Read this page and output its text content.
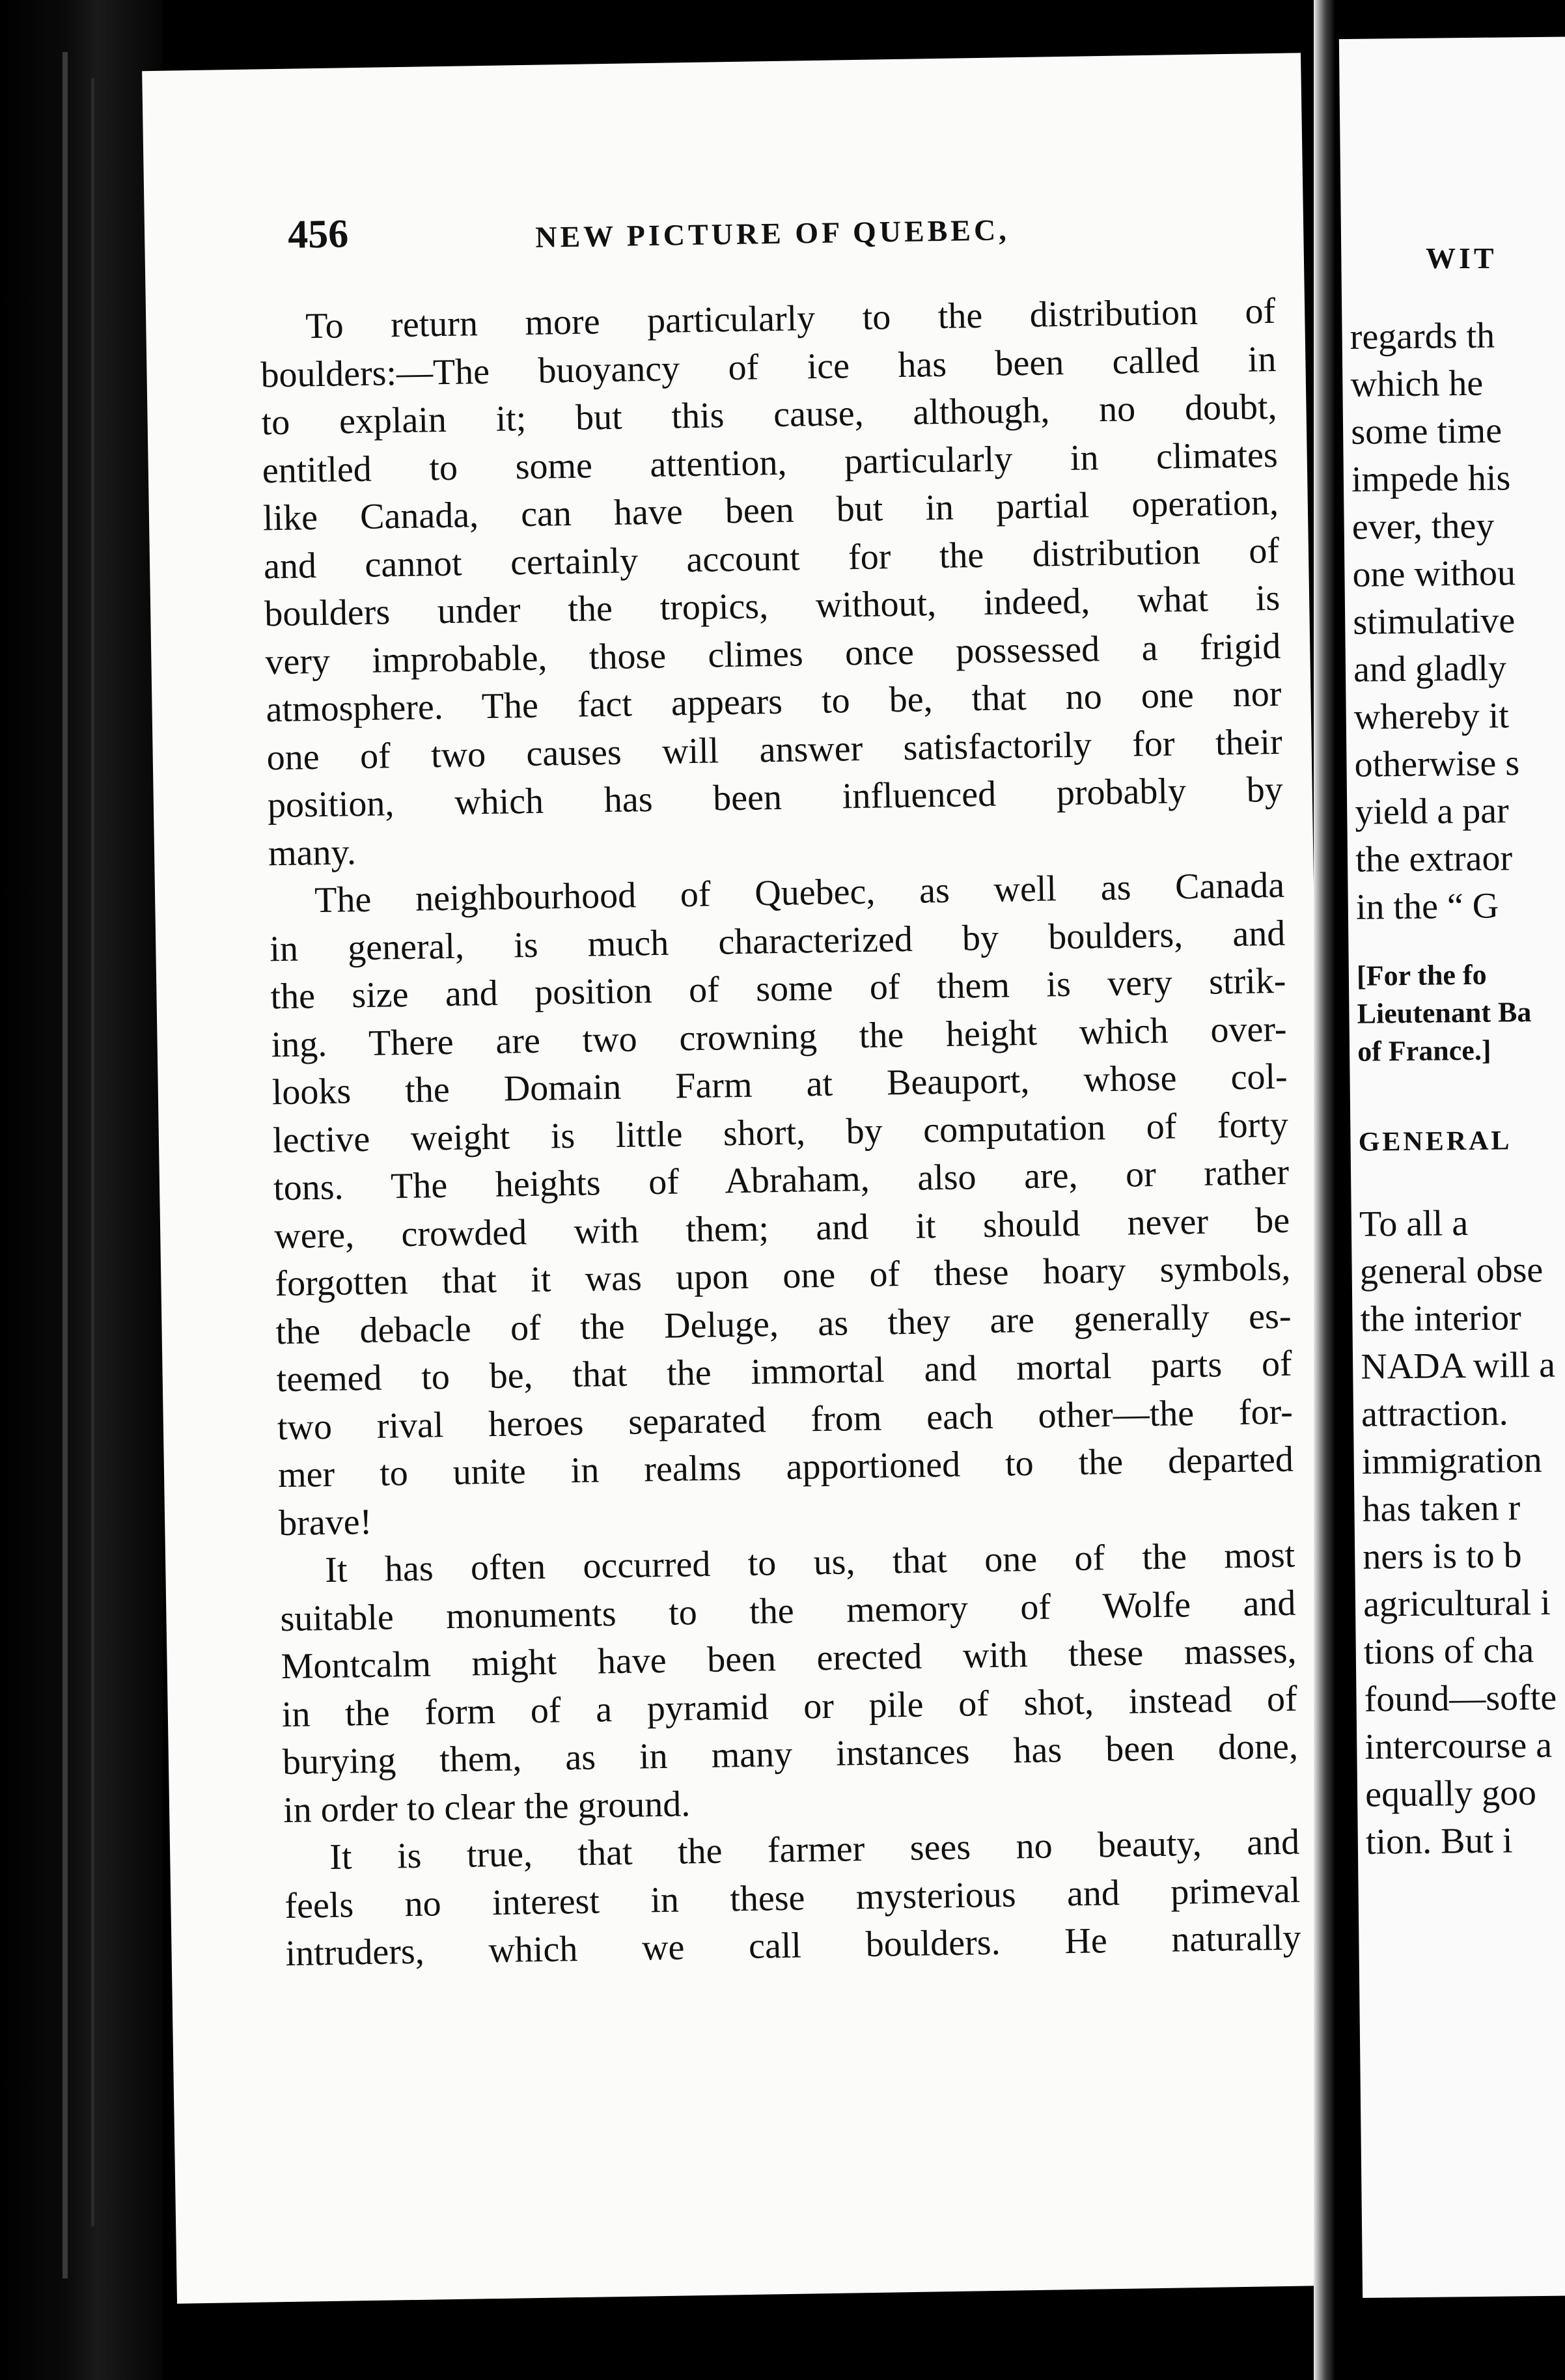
456	NEW PICTURE OF QUEBEC,
To return more particularly to the distribution of
boulders:—The buoyancy of ice has been called in
to explain it; but this cause, although, no doubt,
entitled to some attention, particularly in climates
like Canada, can have been but in partial operation,
and cannot certainly account for the distribution of
boulders under the tropics, without, indeed, what is
very improbable, those climes once possessed a frigid
atmosphere. The fact appears to be, that no one nor
one of two causes will answer satisfactorily for their
position, which has been influenced probably by
many.
The neighbourhood of Quebec, as well as Canada
in general, is much characterized by boulders, and
the size and position of some of them is very strik-
ing. There are two crowning the height which over-
looks the Domain Farm at Beauport, whose col-
lective weight is little short, by computation of forty
tons. The heights of Abraham, also are, or rather
were, crowded with them; and it should never be
forgotten that it was upon one of these hoary symbols,
the debacle of the Deluge, as they are generally es-
teemed to be, that the immortal and mortal parts of
two rival heroes separated from each other—the for-
mer to unite in realms apportioned to the departed
brave!
It has often occurred to us, that one of the most
suitable monuments to the memory of Wolfe and
Montcalm might have been erected with these masses,
in the form of a pyramid or pile of shot, instead of
burying them, as in many instances has been done,
in order to clear the ground.
It is true, that the farmer sees no beauty, and
feels no interest in these mysterious and primeval
intruders, which we call boulders. He naturally
WIT
regards th
which he
some time
impede his
ever, they
one withou
stimulative
and gladly
whereby it
otherwise s
yield a par
the extraor
in the “ G
[For the fo
Lieutenant Ba
of France.]
GENERAL
To all a
general obse
the interior
NADA will a
attraction.
immigration
has taken r
ners is to b
agricultural i
tions of cha
found—softe
intercourse a
equally goo
tion. But i
